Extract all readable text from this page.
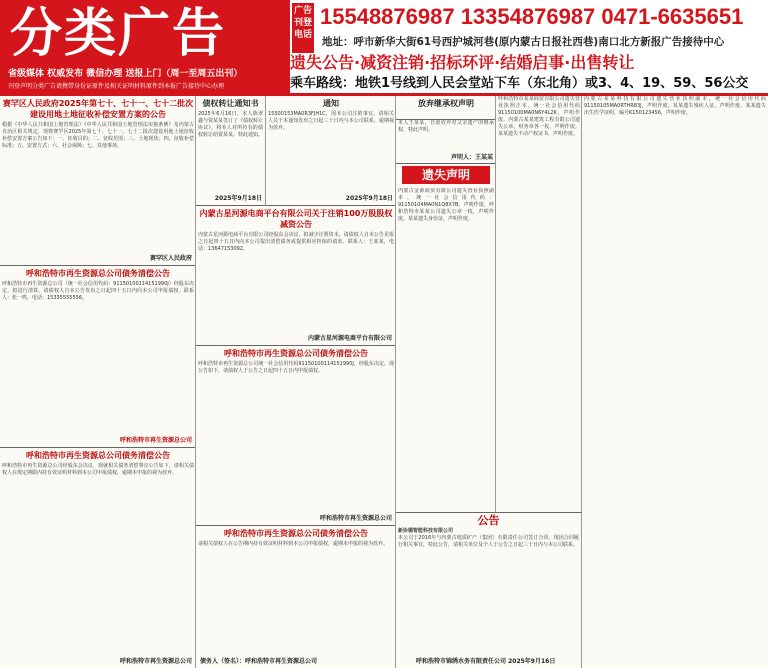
分类广告
省级媒体 权威发布 微信办理 送报上门（周一至周五出刊）
刊登声明分类广告请携带身份证原件及相关证明材料原件到本报广告接待中心办理
广告刊登电话
15548876987 13354876987 0471-6635651
地址：呼市新华大街61号西护城河巷(原内蒙古日报社西巷)南口北方新报广告接待中心
遗失公告·减资注销·招标环评·结婚启事·出售转让
乘车路线：地铁1号线到人民会堂站下车（东北角）或3、4、19、59、56公交
赛罕区人民政府2025年第七十、七十一、七十二批次建设用地土地征收补偿安置方案的公告
根据《中华人民共和国土地管理法》《中华人民共和国土地管理法实施条例》及内蒙古自治区相关规定，现将赛罕区2025年第七十、七十一、七十二批次建设用地土地征收补偿安置方案公告如下：一、征收目的；二、征收范围；三、土地现状；四、征收补偿标准；五、安置方式；六、社会保障；七、其他事项。
赛罕区人民政府
呼和浩特市再生资源总公司债务清偿公告
呼和浩特市再生资源总公司（统一社会信用代码：91150100114151990J）经股东决定，拟进行清算，请债权人自本公告发布之日起四十五日内向本公司申报债权。联系人：张一鸣，电话：15335555556。
呼和浩特市再生资源总公司
呼和浩特市再生资源总公司债务清偿公告
呼和浩特市再生资源总公司经股东会决议，现就相关债务清偿事宜公告如下，请相关债权人在规定期限内持有效证明材料到本公司申报债权，逾期未申报的视为放弃。
呼和浩特市再生资源总公司
债权转让通知书
2025年6月16日，本人陈翠鑫与贾某某签订了《债权转让协议》，将本人对所持有的债权转让给贾某某。特此通知。
2025年9月18日
通知
15500153MA0R3FJH1C，因本公司注销事宜，请相关人员于本通知发布之日起三十日内与本公司联系，逾期视为放弃。
2025年9月18日
内蒙古星河源电商平台有限公司关于注销100万股股权减资公告
内蒙古星河源电商平台有限公司经股东会决议，拟减少注册资本，请债权人自本公告见报之日起四十五日内向本公司提出清偿债务或提供相应担保的请求。联系人：王某某，电话：13647153092。
内蒙古星河源电商平台有限公司
呼和浩特市再生资源总公司债务清偿公告
呼和浩特市再生资源总公司统一社会信用代码91150100114151990J，经股东决定，现公告如下，请债权人于公告之日起四十五日内申报债权。
呼和浩特市再生资源总公司
呼和浩特市再生资源总公司债务清偿公告
请相关债权人在公告期内持有效证明材料到本公司申报债权，逾期未申报的视为放弃。
债务人（签名）：呼和浩特市再生资源总公司
放弃继承权声明
本人王某某，自愿放弃对父亲遗产的继承权，特此声明。
声明人：王某某
遗失声明
内蒙古金源商贸有限公司遗失营业执照副本，统一社会信用代码：91150104MA0N1Q8X7B，声明作废。呼和浩特市某某公司遗失公章一枚，声明作废。某某遗失身份证，声明作废。
呼和浩特市某某商贸有限公司遗失营业执照正本，统一社会信用代码91150100MA0N6Y4L2K，声明作废。内蒙古某某建筑工程有限公司遗失公章、财务章各一枚，声明作废。某某遗失不动产权证书，声明作废。
公告
新协德智能科技有限公司
本公司于2016年与内蒙古地质矿产（集团）有限责任公司签订合同，现因合同履行相关事宜，特此公告，请相关单位及个人于公告之日起三十日内与本公司联系。
呼和浩特市锦绣水务有限责任公司 2025年9月16日
内蒙古某某科技有限公司遗失营业执照副本，统一社会信用代码91150105MA0RTHR83J，声明作废。某某遗失残疾人证，声明作废。某某遗失出生医学证明，编号K150123456，声明作废。
